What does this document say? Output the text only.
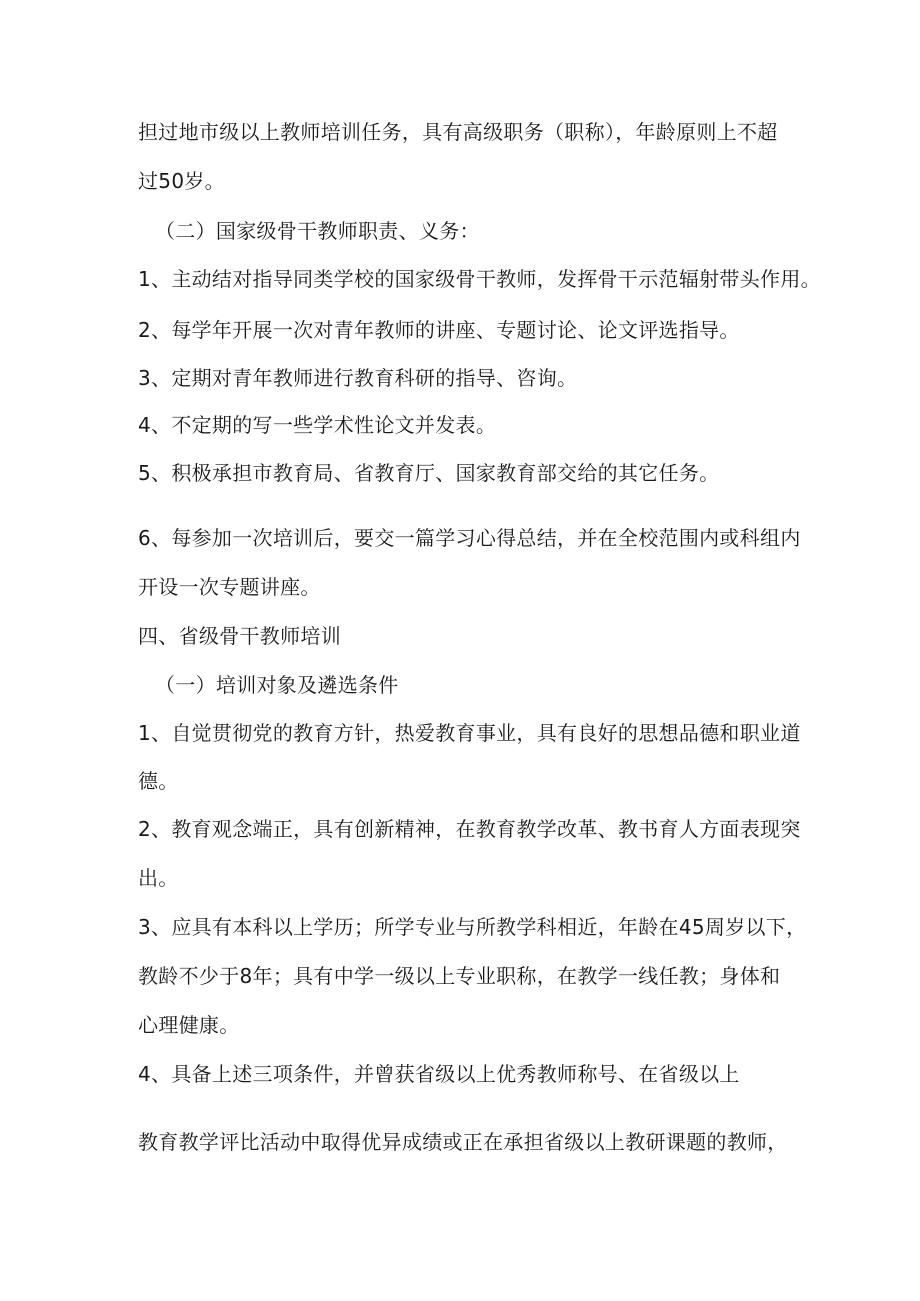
担过地市级以上教师培训任务，具有高级职务（职称），年龄原则上不超
过50岁。
（二）国家级骨干教师职责、义务：
1、主动结对指导同类学校的国家级骨干教师，发挥骨干示范辐射带头作用。
2、每学年开展一次对青年教师的讲座、专题讨论、论文评选指导。
3、定期对青年教师进行教育科研的指导、咨询。
4、不定期的写一些学术性论文并发表。
5、积极承担市教育局、省教育厅、国家教育部交给的其它任务。
6、每参加一次培训后，要交一篇学习心得总结，并在全校范围内或科组内
开设一次专题讲座。
四、省级骨干教师培训
（一）培训对象及遴选条件
1、自觉贯彻党的教育方针，热爱教育事业，具有良好的思想品德和职业道
德。
2、教育观念端正，具有创新精神，在教育教学改革、教书育人方面表现突
出。
3、应具有本科以上学历；所学专业与所教学科相近，年龄在45周岁以下，
教龄不少于8年；具有中学一级以上专业职称，在教学一线任教；身体和
心理健康。
4、具备上述三项条件，并曾获省级以上优秀教师称号、在省级以上
教育教学评比活动中取得优异成绩或正在承担省级以上教研课题的教师，
